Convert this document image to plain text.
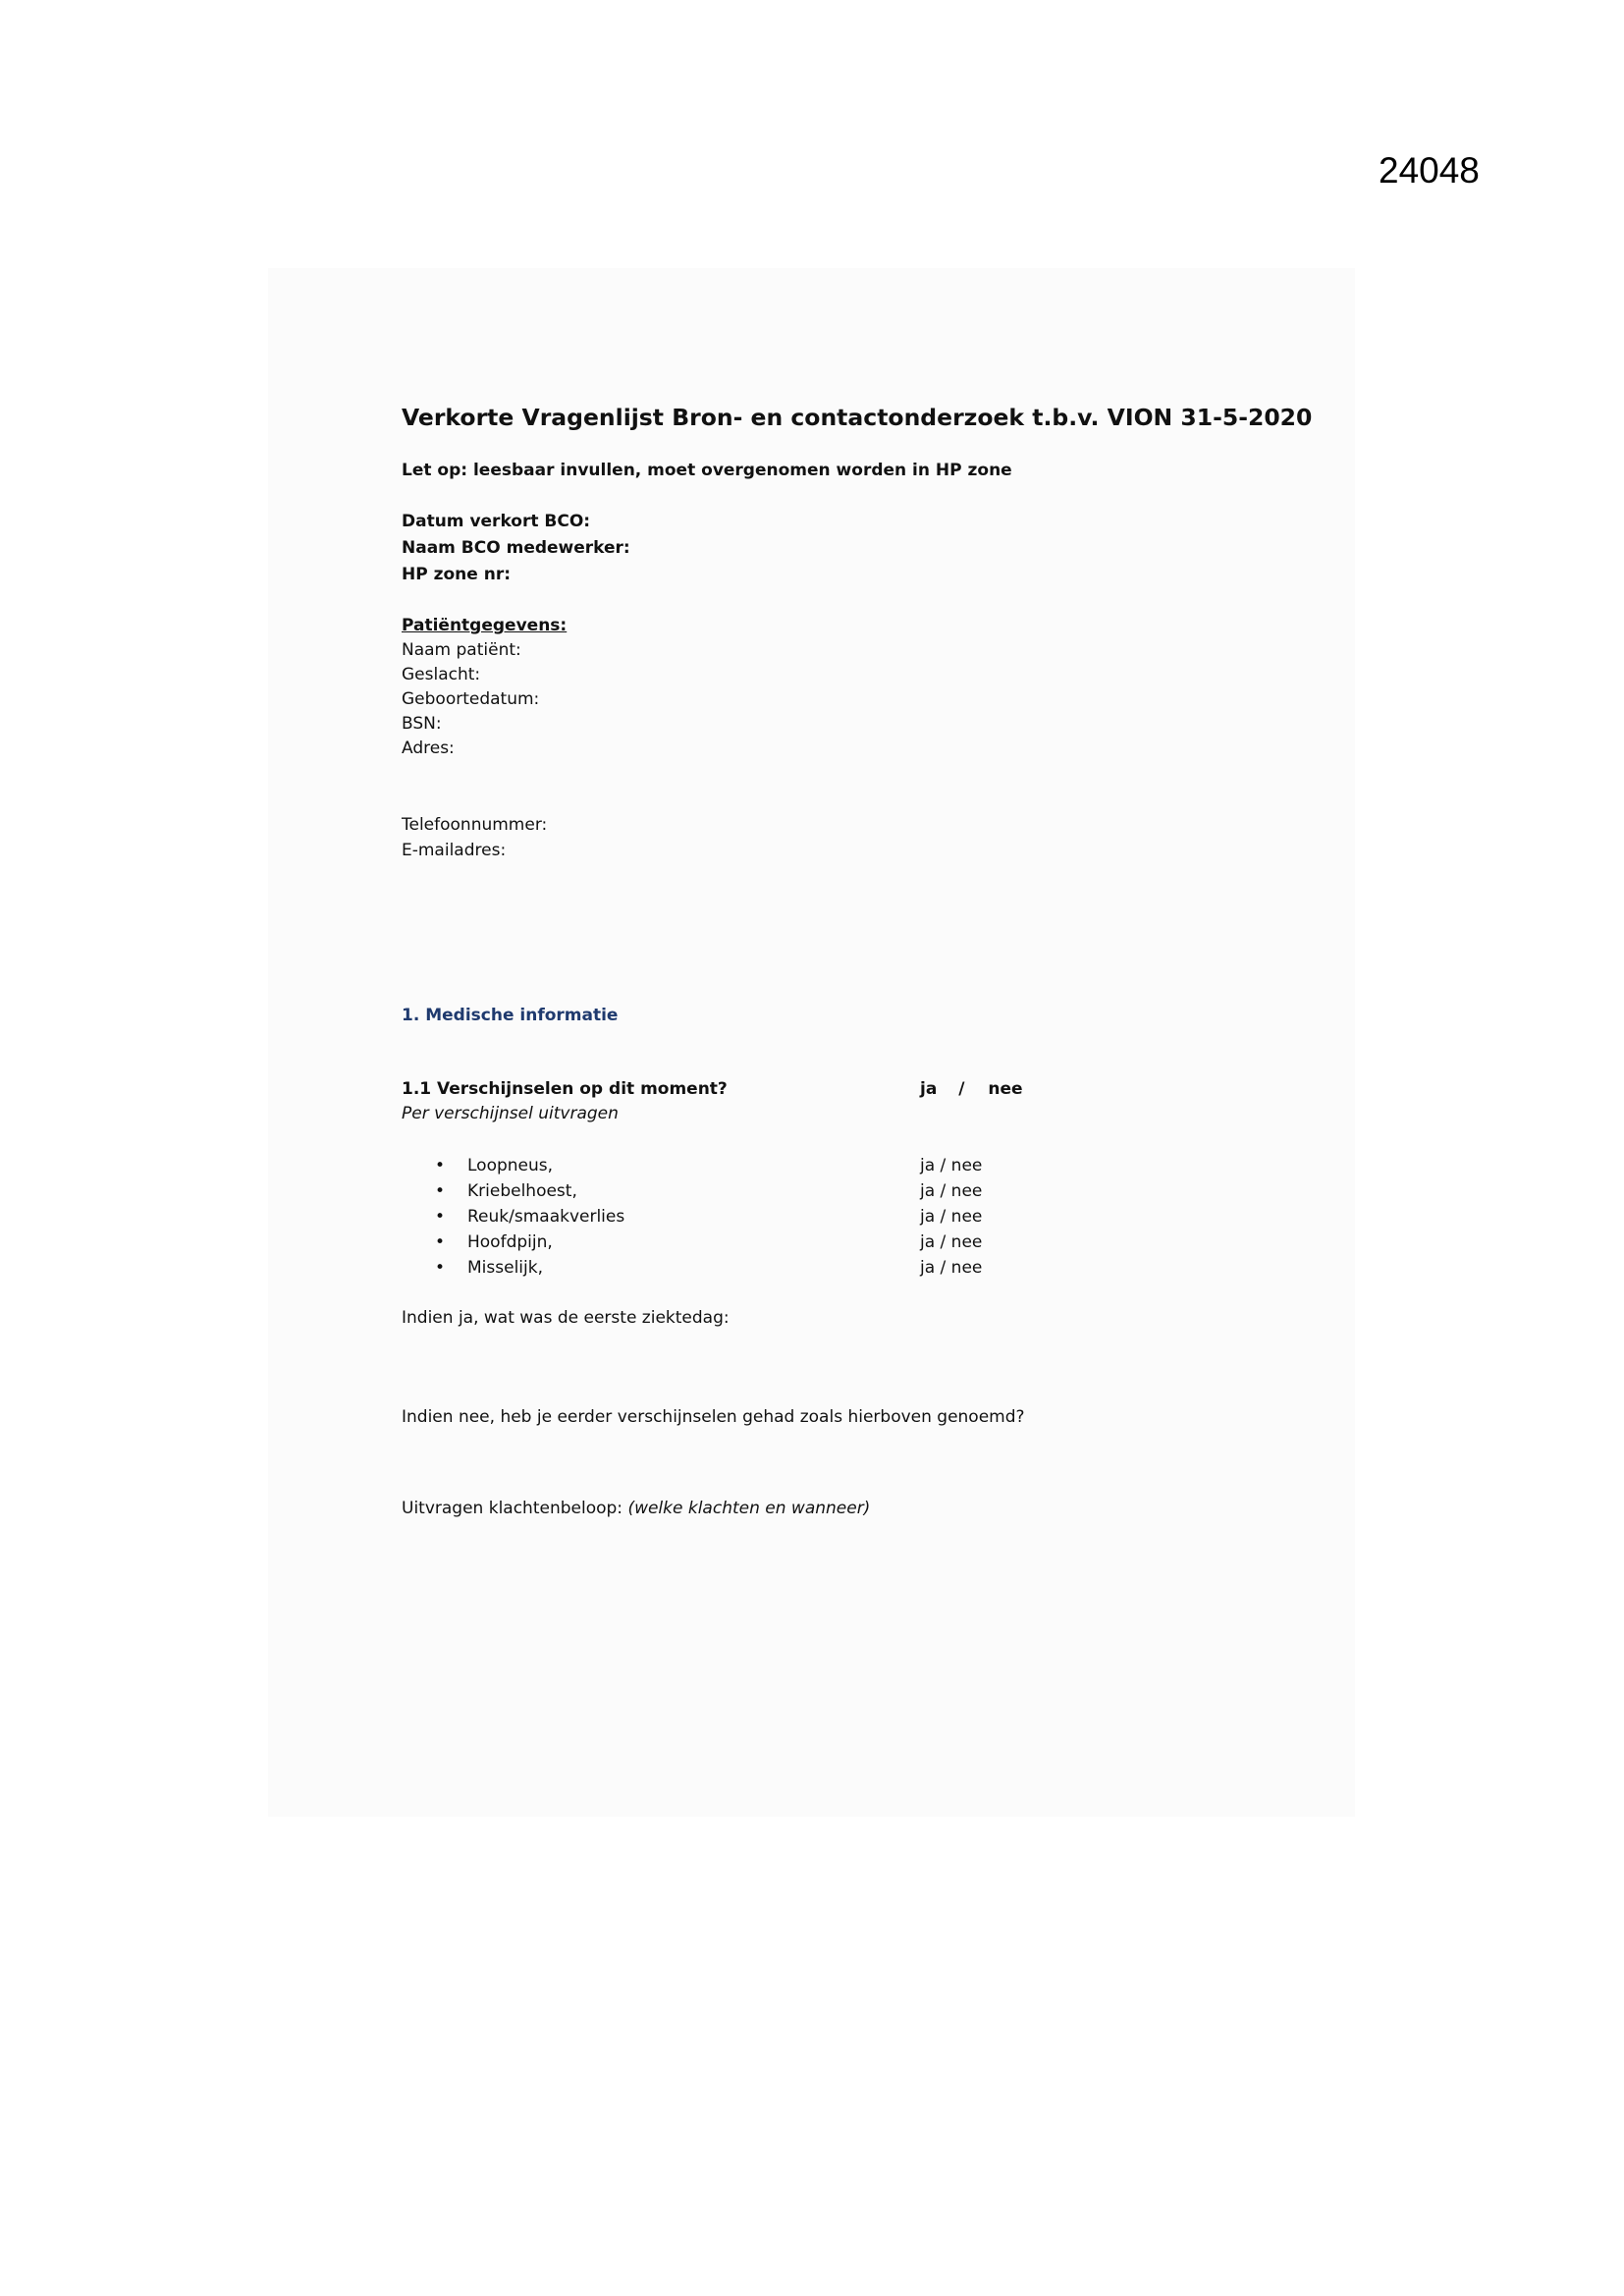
24048
Verkorte Vragenlijst Bron- en contactonderzoek t.b.v. VION 31-5-2020
Let op: leesbaar invullen, moet overgenomen worden in HP zone
Datum verkort BCO:
Naam BCO medewerker:
HP zone nr:
Patiëntgegevens:
Naam patiënt:
Geslacht:
Geboortedatum:
BSN:
Adres:
Telefoonnummer:
E-mailadres:
1. Medische informatie
1.1 Verschijnselen op dit moment?	ja / nee
Per verschijnsel uitvragen
• Loopneus,	ja / nee
• Kriebelhoest,	ja / nee
• Reuk/smaakverlies	ja / nee
• Hoofdpijn,	ja / nee
• Misselijk,	ja / nee
Indien ja, wat was de eerste ziektedag:
Indien nee, heb je eerder verschijnselen gehad zoals hierboven genoemd?
Uitvragen klachtenbeloop: (welke klachten en wanneer)
